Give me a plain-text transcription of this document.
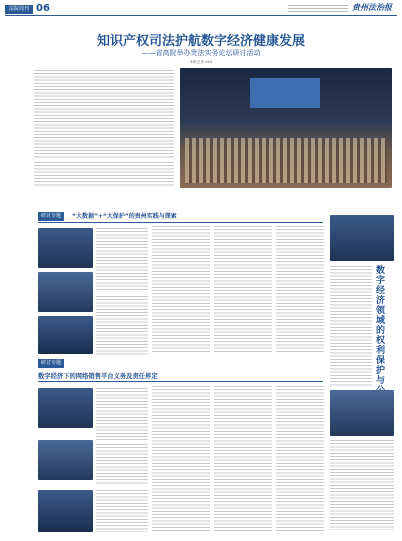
法院周刊 06	贵州法治报
知识产权司法护航数字经济健康发展
——省高院举办贵法实务论坛研讨活动
本报记者 XXX
研讨专题	“大数据”+“大保护”的贵州实践与探索
数字经济领域的权利保护与
研讨专题
数字经济下的网络销售平台义务及责任界定
